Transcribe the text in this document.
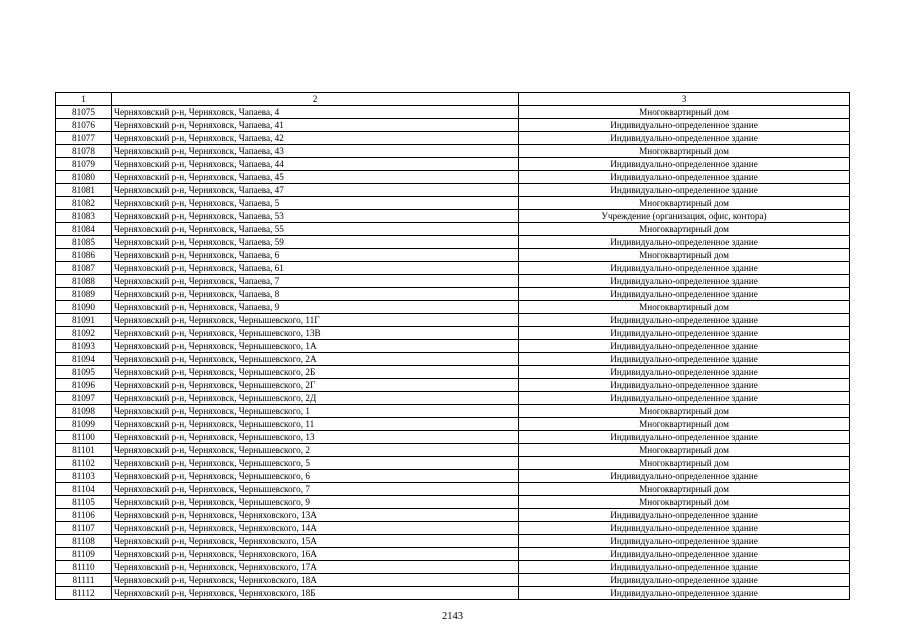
1	2	3
81075	Черняховский р-н, Черняховск, Чапаева, 4	Многоквартирный дом
81076	Черняховский р-н, Черняховск, Чапаева, 41	Индивидуально-определенное здание
81077	Черняховский р-н, Черняховск, Чапаева, 42	Индивидуально-определенное здание
81078	Черняховский р-н, Черняховск, Чапаева, 43	Многоквартирный дом
81079	Черняховский р-н, Черняховск, Чапаева, 44	Индивидуально-определенное здание
81080	Черняховский р-н, Черняховск, Чапаева, 45	Индивидуально-определенное здание
81081	Черняховский р-н, Черняховск, Чапаева, 47	Индивидуально-определенное здание
81082	Черняховский р-н, Черняховск, Чапаева, 5	Многоквартирный дом
81083	Черняховский р-н, Черняховск, Чапаева, 53	Учреждение (организация, офис, контора)
81084	Черняховский р-н, Черняховск, Чапаева, 55	Многоквартирный дом
81085	Черняховский р-н, Черняховск, Чапаева, 59	Индивидуально-определенное здание
81086	Черняховский р-н, Черняховск, Чапаева, 6	Многоквартирный дом
81087	Черняховский р-н, Черняховск, Чапаева, 61	Индивидуально-определенное здание
81088	Черняховский р-н, Черняховск, Чапаева, 7	Индивидуально-определенное здание
81089	Черняховский р-н, Черняховск, Чапаева, 8	Индивидуально-определенное здание
81090	Черняховский р-н, Черняховск, Чапаева, 9	Многоквартирный дом
81091	Черняховский р-н, Черняховск, Чернышевского, 11Г	Индивидуально-определенное здание
81092	Черняховский р-н, Черняховск, Чернышевского, 13В	Индивидуально-определенное здание
81093	Черняховский р-н, Черняховск, Чернышевского, 1А	Индивидуально-определенное здание
81094	Черняховский р-н, Черняховск, Чернышевского, 2А	Индивидуально-определенное здание
81095	Черняховский р-н, Черняховск, Чернышевского, 2Б	Индивидуально-определенное здание
81096	Черняховский р-н, Черняховск, Чернышевского, 2Г	Индивидуально-определенное здание
81097	Черняховский р-н, Черняховск, Чернышевского, 2Д	Индивидуально-определенное здание
81098	Черняховский р-н, Черняховск, Чернышевского, 1	Многоквартирный дом
81099	Черняховский р-н, Черняховск, Чернышевского, 11	Многоквартирный дом
81100	Черняховский р-н, Черняховск, Чернышевского, 13	Индивидуально-определенное здание
81101	Черняховский р-н, Черняховск, Чернышевского, 2	Многоквартирный дом
81102	Черняховский р-н, Черняховск, Чернышевского, 5	Многоквартирный дом
81103	Черняховский р-н, Черняховск, Чернышевского, 6	Индивидуально-определенное здание
81104	Черняховский р-н, Черняховск, Чернышевского, 7	Многоквартирный дом
81105	Черняховский р-н, Черняховск, Чернышевского, 9	Многоквартирный дом
81106	Черняховский р-н, Черняховск, Черняховского, 13А	Индивидуально-определенное здание
81107	Черняховский р-н, Черняховск, Черняховского, 14А	Индивидуально-определенное здание
81108	Черняховский р-н, Черняховск, Черняховского, 15А	Индивидуально-определенное здание
81109	Черняховский р-н, Черняховск, Черняховского, 16А	Индивидуально-определенное здание
81110	Черняховский р-н, Черняховск, Черняховского, 17А	Индивидуально-определенное здание
81111	Черняховский р-н, Черняховск, Черняховского, 18А	Индивидуально-определенное здание
81112	Черняховский р-н, Черняховск, Черняховского, 18Б	Индивидуально-определенное здание
2143
